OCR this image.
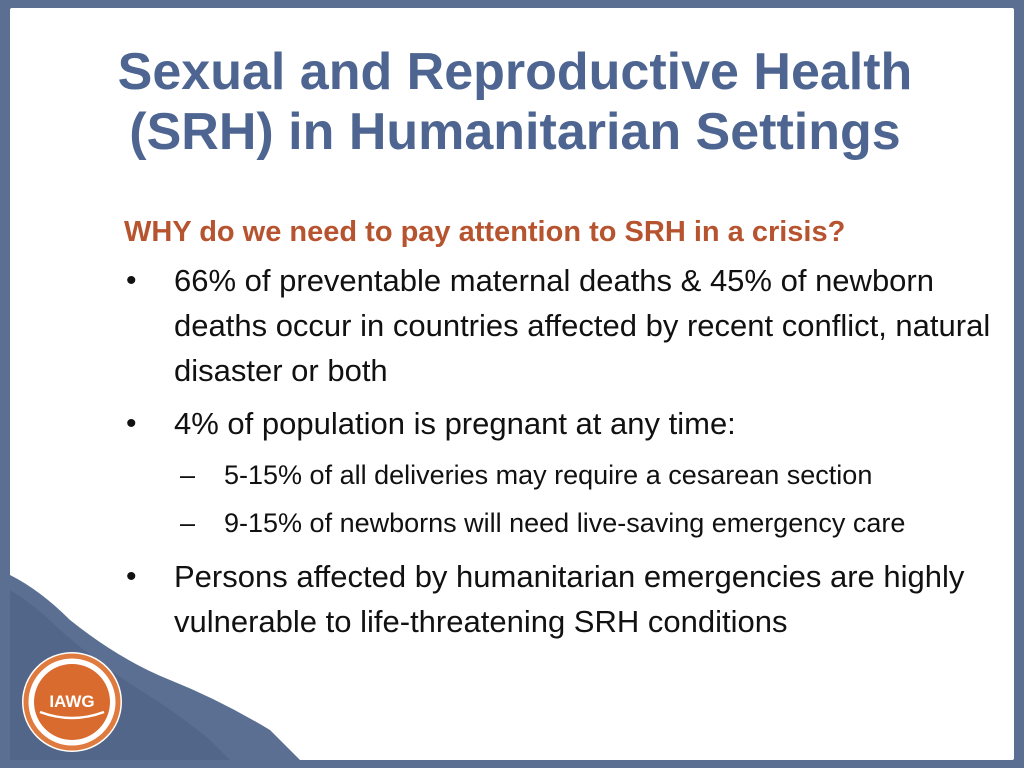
Sexual and Reproductive Health
(SRH) in Humanitarian Settings
WHY do we need to pay attention to SRH in a crisis?
• 66% of preventable maternal deaths & 45% of newborn deaths occur in countries affected by recent conflict, natural disaster or both
• 4% of population is pregnant at any time:
– 5-15% of all deliveries may require a cesarean section
– 9-15% of newborns will need live-saving emergency care
• Persons affected by humanitarian emergencies are highly vulnerable to life-threatening SRH conditions
IAWG
